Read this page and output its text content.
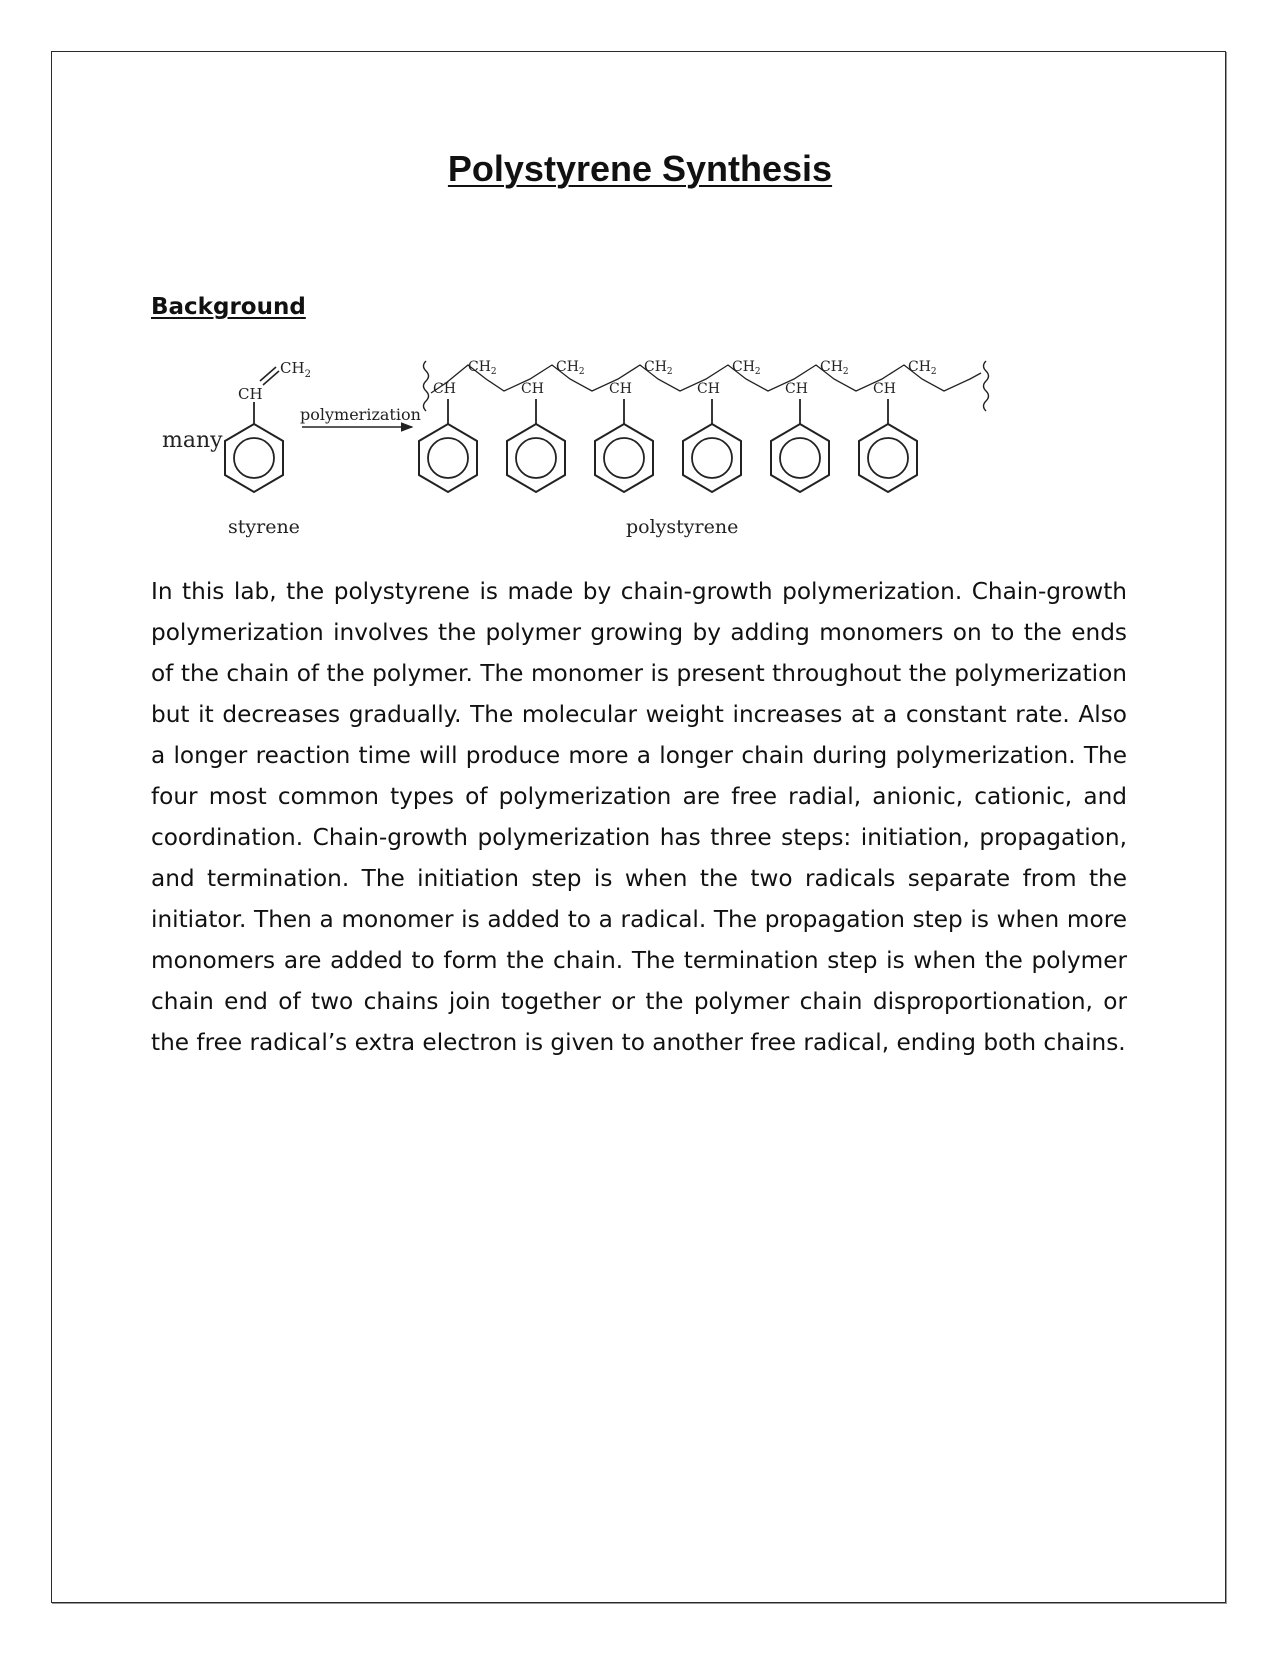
Polystyrene Synthesis
Background
many
CH
$CH_2$
styrene
polymerization
CH
$CH_2$
CH
$CH_2$
CH
$CH_2$
CH
$CH_2$
CH
$CH_2$
CH
$CH_2$
polystyrene

In this lab, the polystyrene is made by chain-growth polymerization. Chain-growth polymerization involves the polymer growing by adding monomers on to the ends of the chain of the polymer. The monomer is present throughout the polymerization but it decreases gradually. The molecular weight increases at a constant rate. Also a longer reaction time will produce more a longer chain during polymerization. The four most common types of polymerization are free radial, anionic, cationic, and coordination. Chain-growth polymerization has three steps: initiation, propagation, and termination. The initiation step is when the two radicals separate from the initiator. Then a monomer is added to a radical. The propagation step is when more monomers are added to form the chain. The termination step is when the polymer chain end of two chains join together or the polymer chain disproportionation, or the free radical’s extra electron is given to another free radical, ending both chains.
